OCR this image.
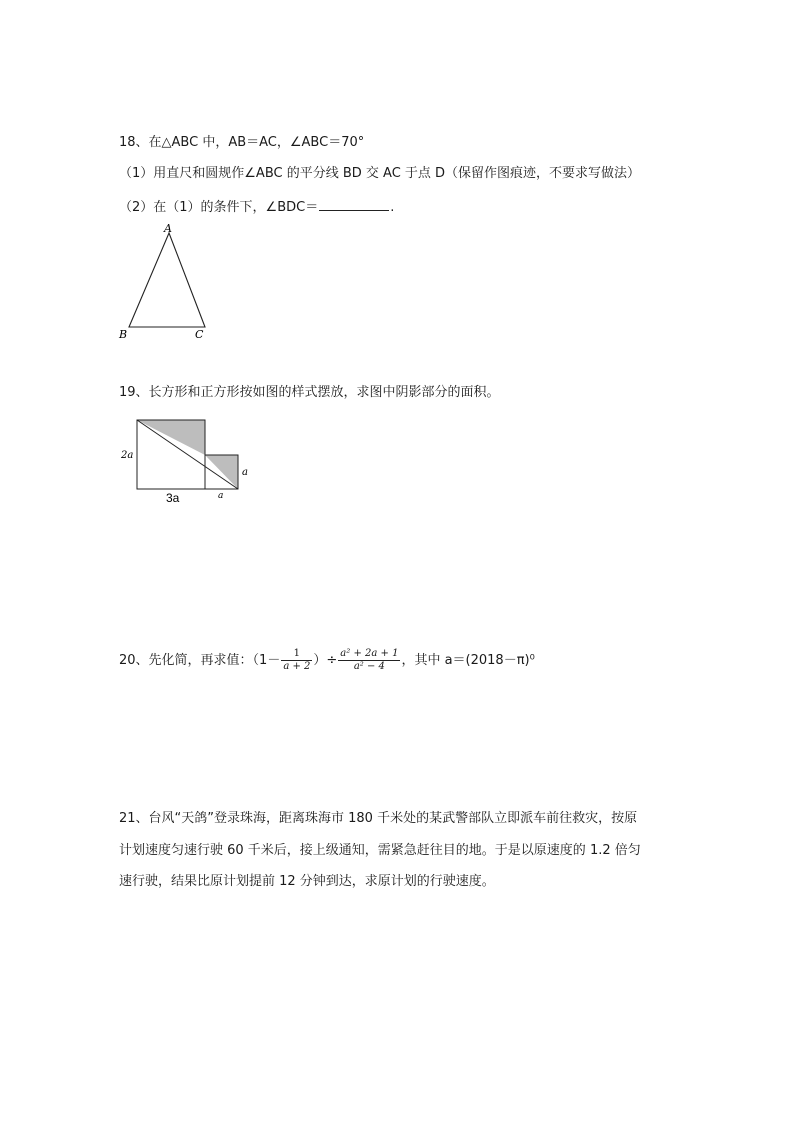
18、在△ABC 中，AB＝AC，∠ABC＝70°
（1）用直尺和圆规作∠ABC 的平分线 BD 交 AC 于点 D（保留作图痕迹，不要求写做法）
（2）在（1）的条件下，∠BDC＝	.
A
B	C
19、长方形和正方形按如图的样式摆放，求图中阴影部分的面积。
2a
3a	a
a
20、先化简，再求值：（$1- \frac{1}{a + 2}$ ）÷ $\frac{\text{a² + 2a + 1}}{\text{a² − 4}}$ ，其中 a＝(2018－π)⁰
21、台风“天鸽”登录珠海，距离珠海市 180 千米处的某武警部队立即派车前往救灾，按原
计划速度匀速行驶 60 千米后，接上级通知，需紧急赶往目的地。于是以原速度的 1.2 倍匀
速行驶，结果比原计划提前 12 分钟到达，求原计划的行驶速度。
